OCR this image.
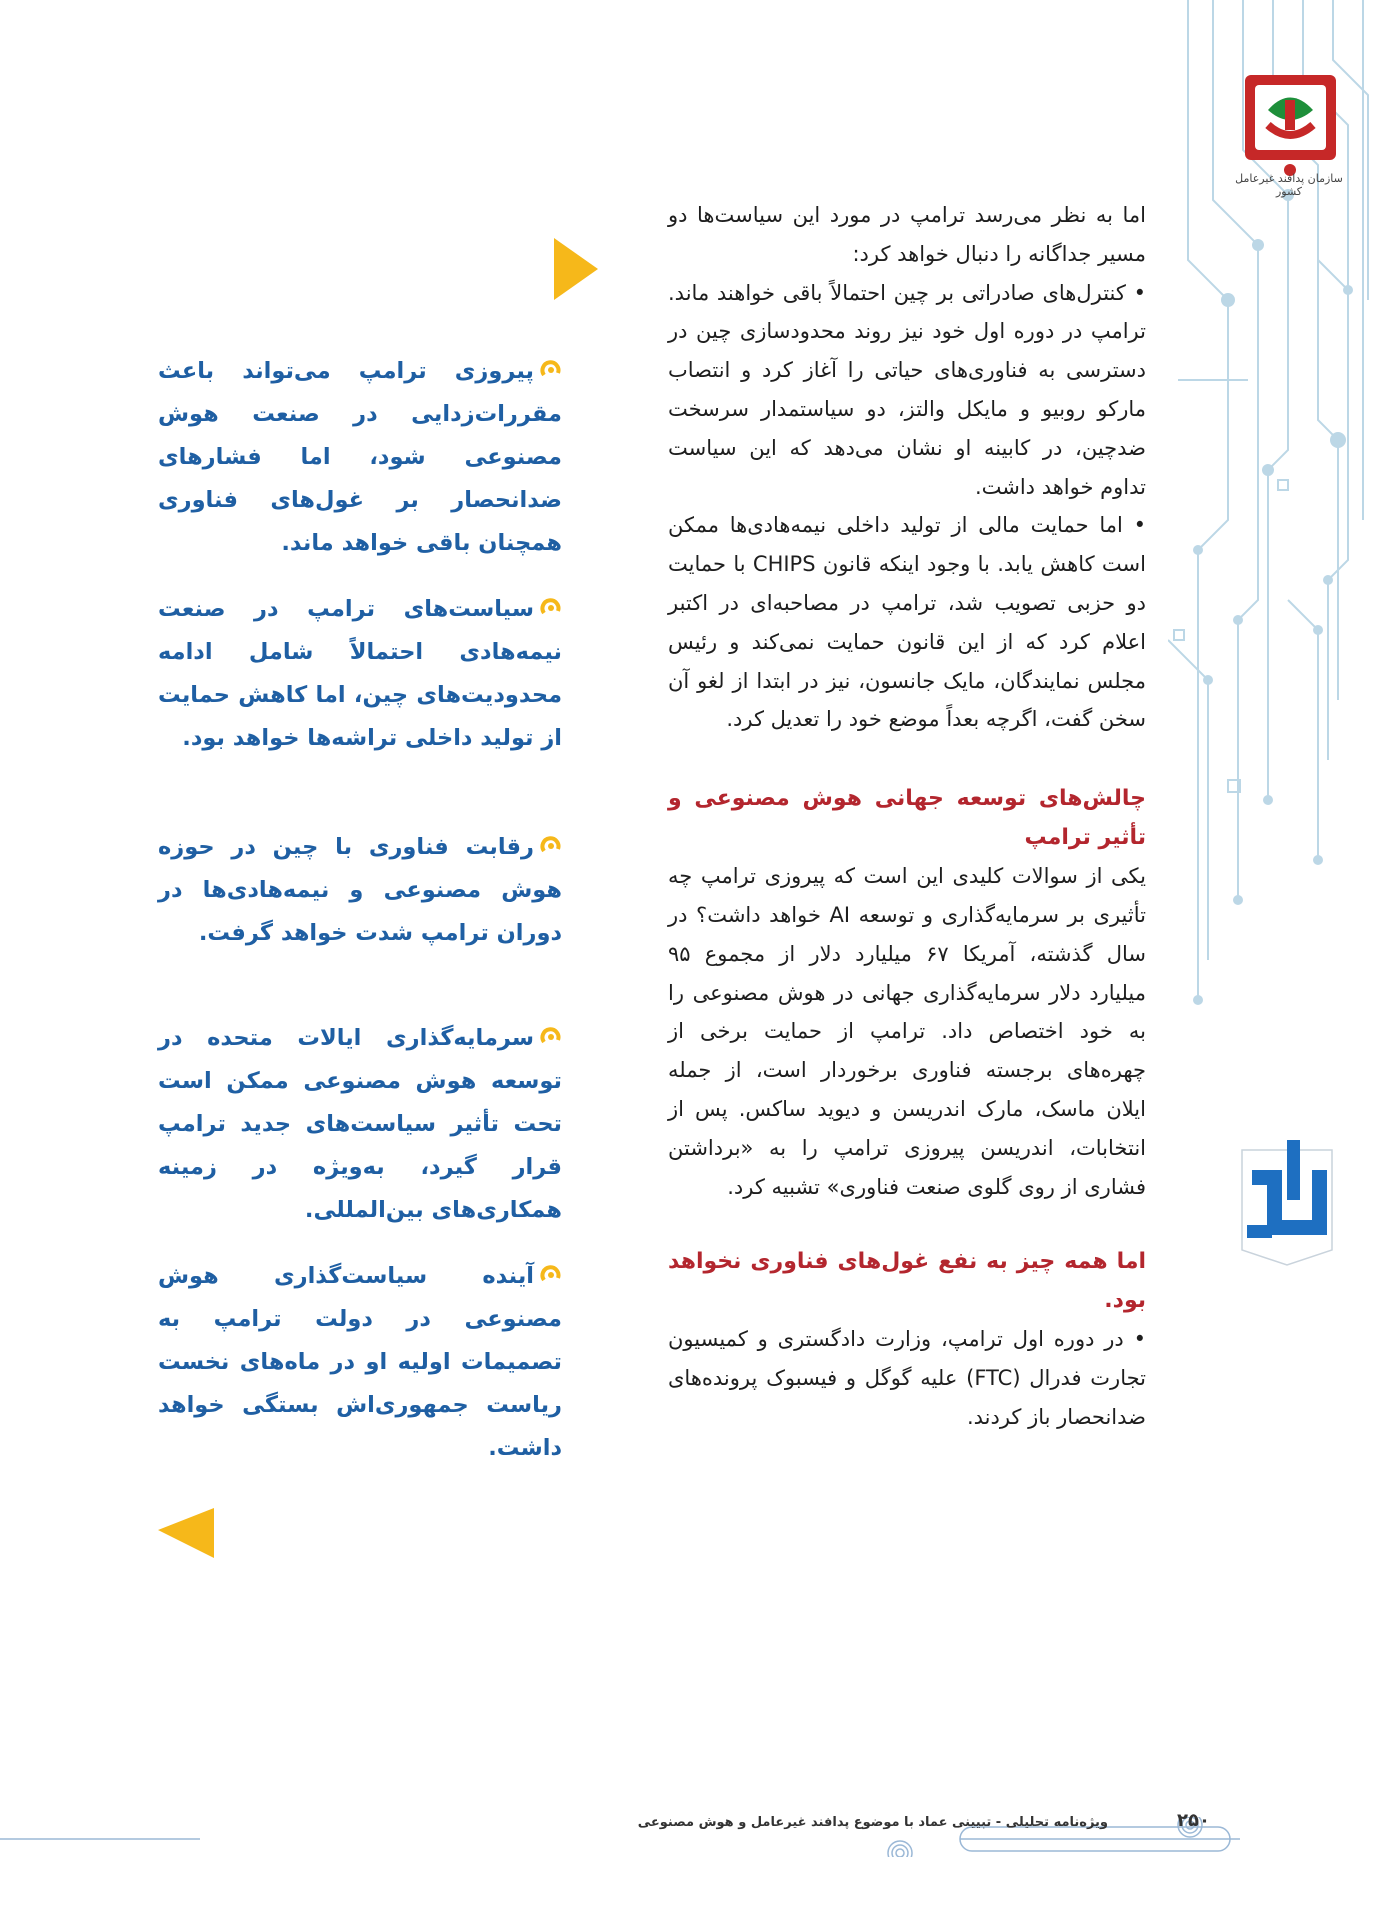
سازمان پدافند غیرعامل کشور

اما به نظر می‌رسد ترامپ در مورد این سیاست‌ها دو مسیر جداگانه را دنبال خواهد کرد:

• کنترل‌های صادراتی بر چین احتمالاً باقی خواهند ماند. ترامپ در دوره اول خود نیز روند محدودسازی چین در دسترسی به فناوری‌های حیاتی را آغاز کرد و انتصاب مارکو روبیو و مایکل والتز، دو سیاستمدار سرسخت ضدچین، در کابینه او نشان می‌دهد که این سیاست تداوم خواهد داشت.

• اما حمایت مالی از تولید داخلی نیمه‌هادی‌ها ممکن است کاهش یابد. با وجود اینکه قانون CHIPS با حمایت دو حزبی تصویب شد، ترامپ در مصاحبه‌ای در اکتبر اعلام کرد که از این قانون حمایت نمی‌کند و رئیس مجلس نمایندگان، مایک جانسون، نیز در ابتدا از لغو آن سخن گفت، اگرچه بعداً موضع خود را تعدیل کرد.

چالش‌های توسعه جهانی هوش مصنوعی و تأثیر ترامپ

یکی از سوالات کلیدی این است که پیروزی ترامپ چه تأثیری بر سرمایه‌گذاری و توسعه AI خواهد داشت؟ در سال گذشته، آمریکا ۶۷ میلیارد دلار از مجموع ۹۵ میلیارد دلار سرمایه‌گذاری جهانی در هوش مصنوعی را به خود اختصاص داد. ترامپ از حمایت برخی از چهره‌های برجسته فناوری برخوردار است، از جمله ایلان ماسک، مارک اندریسن و دیوید ساکس. پس از انتخابات، اندریسن پیروزی ترامپ را به «برداشتن فشاری از روی گلوی صنعت فناوری» تشبیه کرد.

اما همه چیز به نفع غول‌های فناوری نخواهد بود.

• در دوره اول ترامپ، وزارت دادگستری و کمیسیون تجارت فدرال (FTC) علیه گوگل و فیسبوک پرونده‌های ضدانحصار باز کردند.

پیروزی ترامپ می‌تواند باعث مقررات‌زدایی در صنعت هوش مصنوعی شود، اما فشارهای ضدانحصار بر غول‌های فناوری همچنان باقی خواهد ماند.

سیاست‌های ترامپ در صنعت نیمه‌هادی احتمالاً شامل ادامه محدودیت‌های چین، اما کاهش حمایت از تولید داخلی تراشه‌ها خواهد بود.

رقابت فناوری با چین در حوزه هوش مصنوعی و نیمه‌هادی‌ها در دوران ترامپ شدت خواهد گرفت.

سرمایه‌گذاری ایالات متحده در توسعه هوش مصنوعی ممکن است تحت تأثیر سیاست‌های جدید ترامپ قرار گیرد، به‌ویژه در زمینه همکاری‌های بین‌المللی.

آینده سیاست‌گذاری هوش مصنوعی در دولت ترامپ به تصمیمات اولیه او در ماه‌های نخست ریاست جمهوری‌اش بستگی خواهد داشت.

ویژه‌نامه تحلیلی - تبیینی عماد با موضوع پدافند غیرعامل و هوش مصنوعی	۲۵۰
